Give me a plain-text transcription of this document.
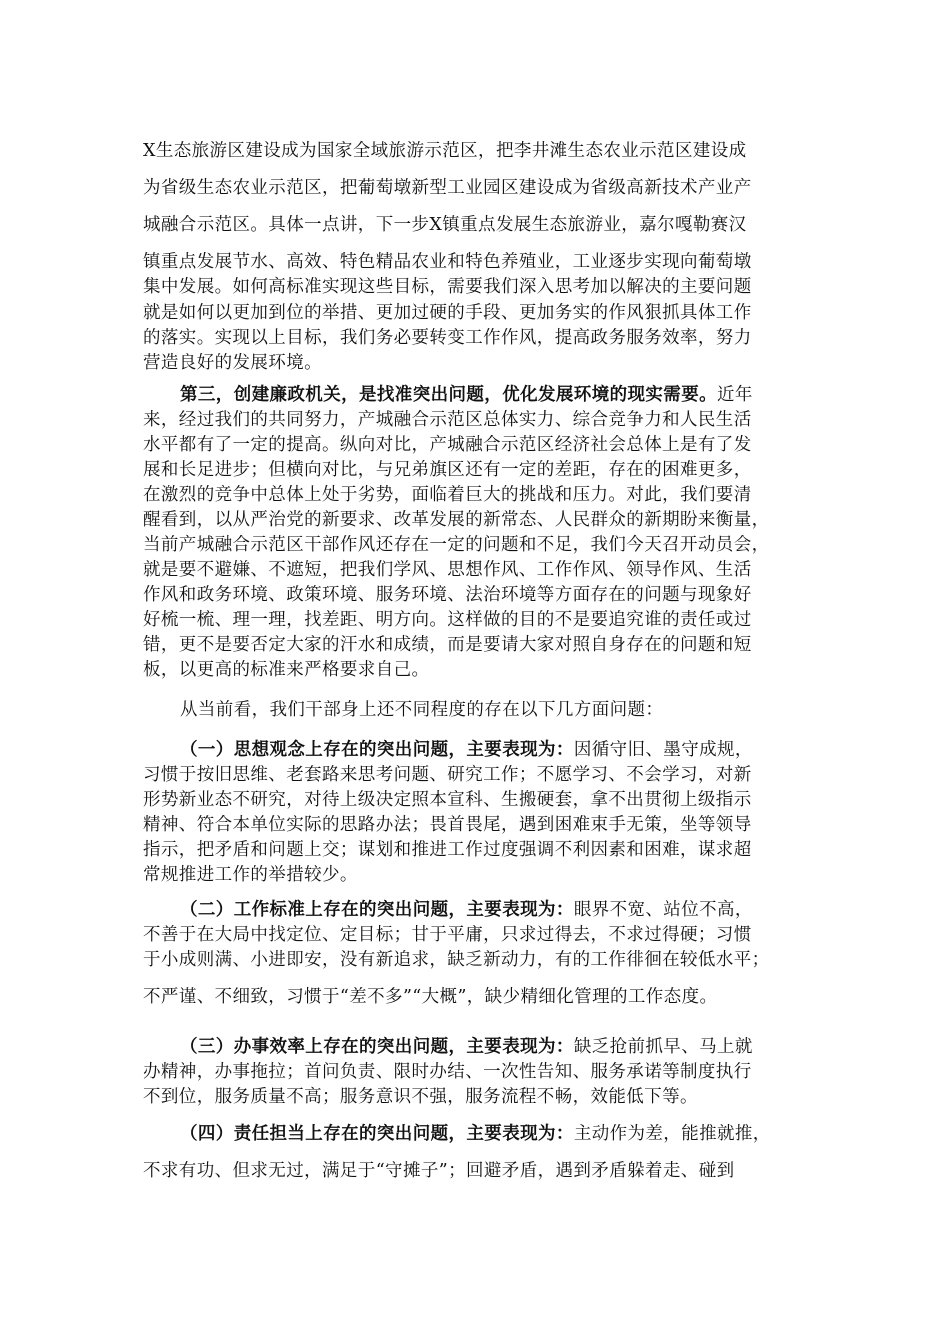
X生态旅游区建设成为国家全域旅游示范区，把李井滩生态农业示范区建设成
为省级生态农业示范区，把葡萄墩新型工业园区建设成为省级高新技术产业产
城融合示范区。具体一点讲，下一步X镇重点发展生态旅游业，嘉尔嘎勒赛汉
镇重点发展节水、高效、特色精品农业和特色养殖业，工业逐步实现向葡萄墩
集中发展。如何高标准实现这些目标，需要我们深入思考加以解决的主要问题
就是如何以更加到位的举措、更加过硬的手段、更加务实的作风狠抓具体工作
的落实。实现以上目标，我们务必要转变工作作风，提高政务服务效率，努力
营造良好的发展环境。
第三，创建廉政机关，是找准突出问题，优化发展环境的现实需要。近年
来，经过我们的共同努力，产城融合示范区总体实力、综合竞争力和人民生活
水平都有了一定的提高。纵向对比，产城融合示范区经济社会总体上是有了发
展和长足进步；但横向对比，与兄弟旗区还有一定的差距，存在的困难更多，
在激烈的竞争中总体上处于劣势，面临着巨大的挑战和压力。对此，我们要清
醒看到，以从严治党的新要求、改革发展的新常态、人民群众的新期盼来衡量，
当前产城融合示范区干部作风还存在一定的问题和不足，我们今天召开动员会，
就是要不避嫌、不遮短，把我们学风、思想作风、工作作风、领导作风、生活
作风和政务环境、政策环境、服务环境、法治环境等方面存在的问题与现象好
好梳一梳、理一理，找差距、明方向。这样做的目的不是要追究谁的责任或过
错，更不是要否定大家的汗水和成绩，而是要请大家对照自身存在的问题和短
板，以更高的标准来严格要求自己。
从当前看，我们干部身上还不同程度的存在以下几方面问题：
（一）思想观念上存在的突出问题，主要表现为：因循守旧、墨守成规，
习惯于按旧思维、老套路来思考问题、研究工作；不愿学习、不会学习，对新
形势新业态不研究，对待上级决定照本宣科、生搬硬套，拿不出贯彻上级指示
精神、符合本单位实际的思路办法；畏首畏尾，遇到困难束手无策，坐等领导
指示，把矛盾和问题上交；谋划和推进工作过度强调不利因素和困难，谋求超
常规推进工作的举措较少。
（二）工作标准上存在的突出问题，主要表现为：眼界不宽、站位不高，
不善于在大局中找定位、定目标；甘于平庸，只求过得去，不求过得硬；习惯
于小成则满、小进即安，没有新追求，缺乏新动力，有的工作徘徊在较低水平；
不严谨、不细致，习惯于“差不多”“大概”，缺少精细化管理的工作态度。
（三）办事效率上存在的突出问题，主要表现为：缺乏抢前抓早、马上就
办精神，办事拖拉；首问负责、限时办结、一次性告知、服务承诺等制度执行
不到位，服务质量不高；服务意识不强，服务流程不畅，效能低下等。
（四）责任担当上存在的突出问题，主要表现为：主动作为差，能推就推，
不求有功、但求无过，满足于“守摊子”；回避矛盾，遇到矛盾躲着走、碰到
